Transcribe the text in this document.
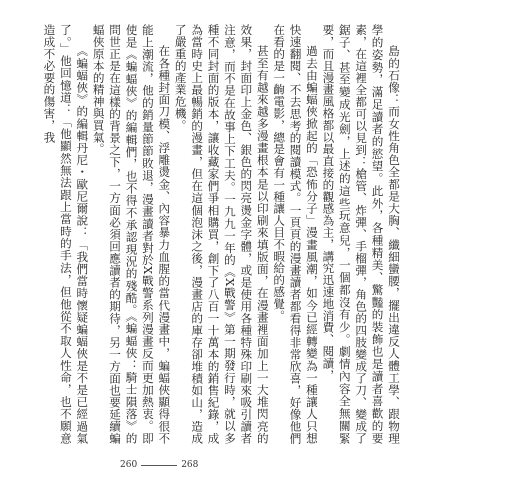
島的石像：而女性角色全都是大胸、纖細蠻腰，擺出違反人體工學、跟物理學的姿勢，滿足讀者的慾望。此外，各種精美、驚豔的裝飾也是讀者喜歡的要素，在這裡全都可以見到：槍管、炸彈、手榴彈，角色的四肢變成了刀、變成了鋸子、甚至變成光劍，上述的這些玩意兒，一個都沒有少。劇情內容全無關緊要，而且漫畫風格都以最直接的觀感為主，講究迅速地消費、閱讀，

過去由蝙蝠俠掀起的「恐怖分子」漫畫風潮，如今已經轉變為一種讓人只想快速翻閱、不去思考的閱讀模式。一頁頁的漫畫讀者都看得非常欣喜，好像他們在看的是一齣電影，總是會有一種讓人目不暇給的感覺。

甚至有越來越多漫畫根本是以印刷來填版面，在漫畫裡面加上一大堆閃亮的效果，封面印上金色、銀色的閃亮燙金字體，或是使用各種特殊印刷來吸引讀者注意，而不是在故事上下工夫。一九九一年的《X戰警》第一期發行時，就以多種不同封面的版本，讓收藏家們爭相購買，創下了八百一十萬本的銷售紀錄，成為當時史上最暢銷的漫畫，但在這個泡沫之後，漫畫店的庫存卻堆積如山，造成了嚴重的產業危機。

在各種封面刀模、浮雕燙金、內容暴力血腥的當代漫畫中，蝙蝠俠顯得很不能上潮流，他的銷量節節敗退，漫畫讀者對於X戰警系列漫畫反而更加熱衷。即使是《蝙蝠俠》的編輯們，也不得不承認現況的殘酷。《蝙蝠俠：騎士隕落》的問世正是在這樣的背景之下，一方面必須回應讀者的期待，另一方面也要延續蝙蝠俠原本的精神與買氣。

《蝙蝠俠》的編輯丹尼・歐尼爾說：「我們當時懷疑蝙蝠俠是不是已經過氣了。」他回憶道：「他顯然無法跟上當時的手法，但他從不取人性命，也不願意造成不必要的傷害，我

260	268
